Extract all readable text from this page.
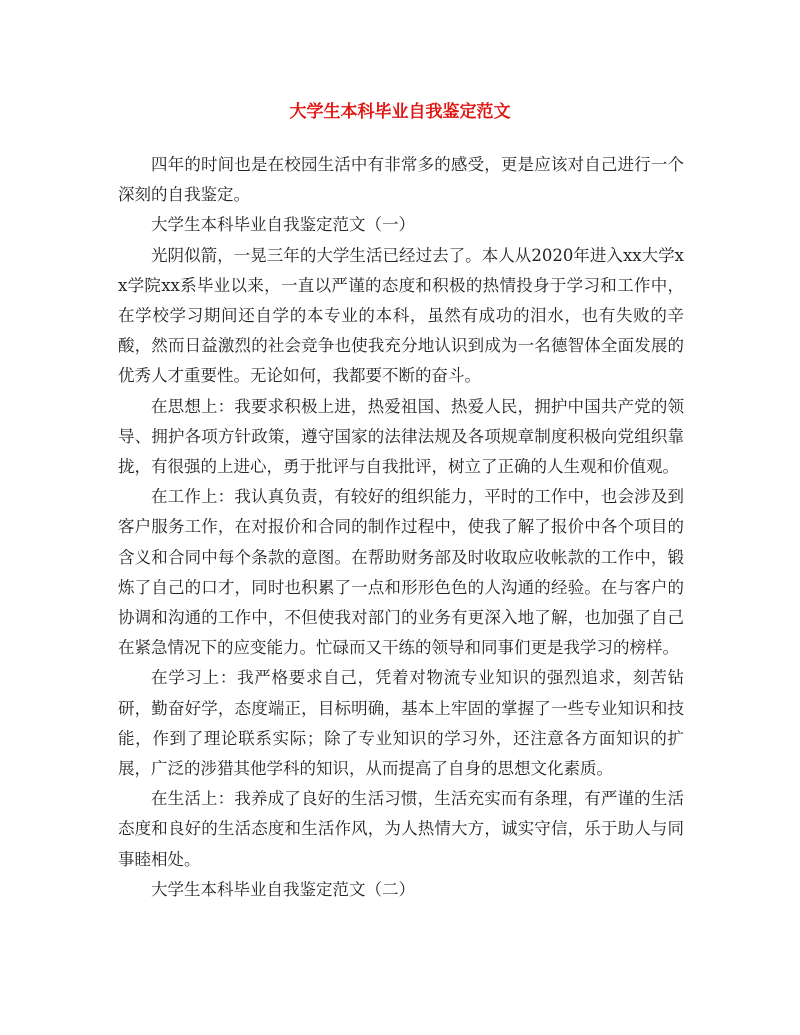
大学生本科毕业自我鉴定范文

四年的时间也是在校园生活中有非常多的感受，更是应该对自己进行一个深刻的自我鉴定。

大学生本科毕业自我鉴定范文（一）

光阴似箭，一晃三年的大学生活已经过去了。本人从2020年进入xx大学xx学院xx系毕业以来，一直以严谨的态度和积极的热情投身于学习和工作中，在学校学习期间还自学的本专业的本科，虽然有成功的泪水，也有失败的辛酸，然而日益激烈的社会竞争也使我充分地认识到成为一名德智体全面发展的优秀人才重要性。无论如何，我都要不断的奋斗。

在思想上：我要求积极上进，热爱祖国、热爱人民，拥护中国共产党的领导、拥护各项方针政策，遵守国家的法律法规及各项规章制度积极向党组织靠拢，有很强的上进心，勇于批评与自我批评，树立了正确的人生观和价值观。

在工作上：我认真负责，有较好的组织能力，平时的工作中，也会涉及到客户服务工作，在对报价和合同的制作过程中，使我了解了报价中各个项目的含义和合同中每个条款的意图。在帮助财务部及时收取应收帐款的工作中，锻炼了自己的口才，同时也积累了一点和形形色色的人沟通的经验。在与客户的协调和沟通的工作中，不但使我对部门的业务有更深入地了解，也加强了自己在紧急情况下的应变能力。忙碌而又干练的领导和同事们更是我学习的榜样。

在学习上：我严格要求自己，凭着对物流专业知识的强烈追求，刻苦钻研，勤奋好学，态度端正，目标明确，基本上牢固的掌握了一些专业知识和技能，作到了理论联系实际；除了专业知识的学习外，还注意各方面知识的扩展，广泛的涉猎其他学科的知识，从而提高了自身的思想文化素质。

在生活上：我养成了良好的生活习惯，生活充实而有条理，有严谨的生活态度和良好的生活态度和生活作风，为人热情大方，诚实守信，乐于助人与同事睦相处。

大学生本科毕业自我鉴定范文（二）
